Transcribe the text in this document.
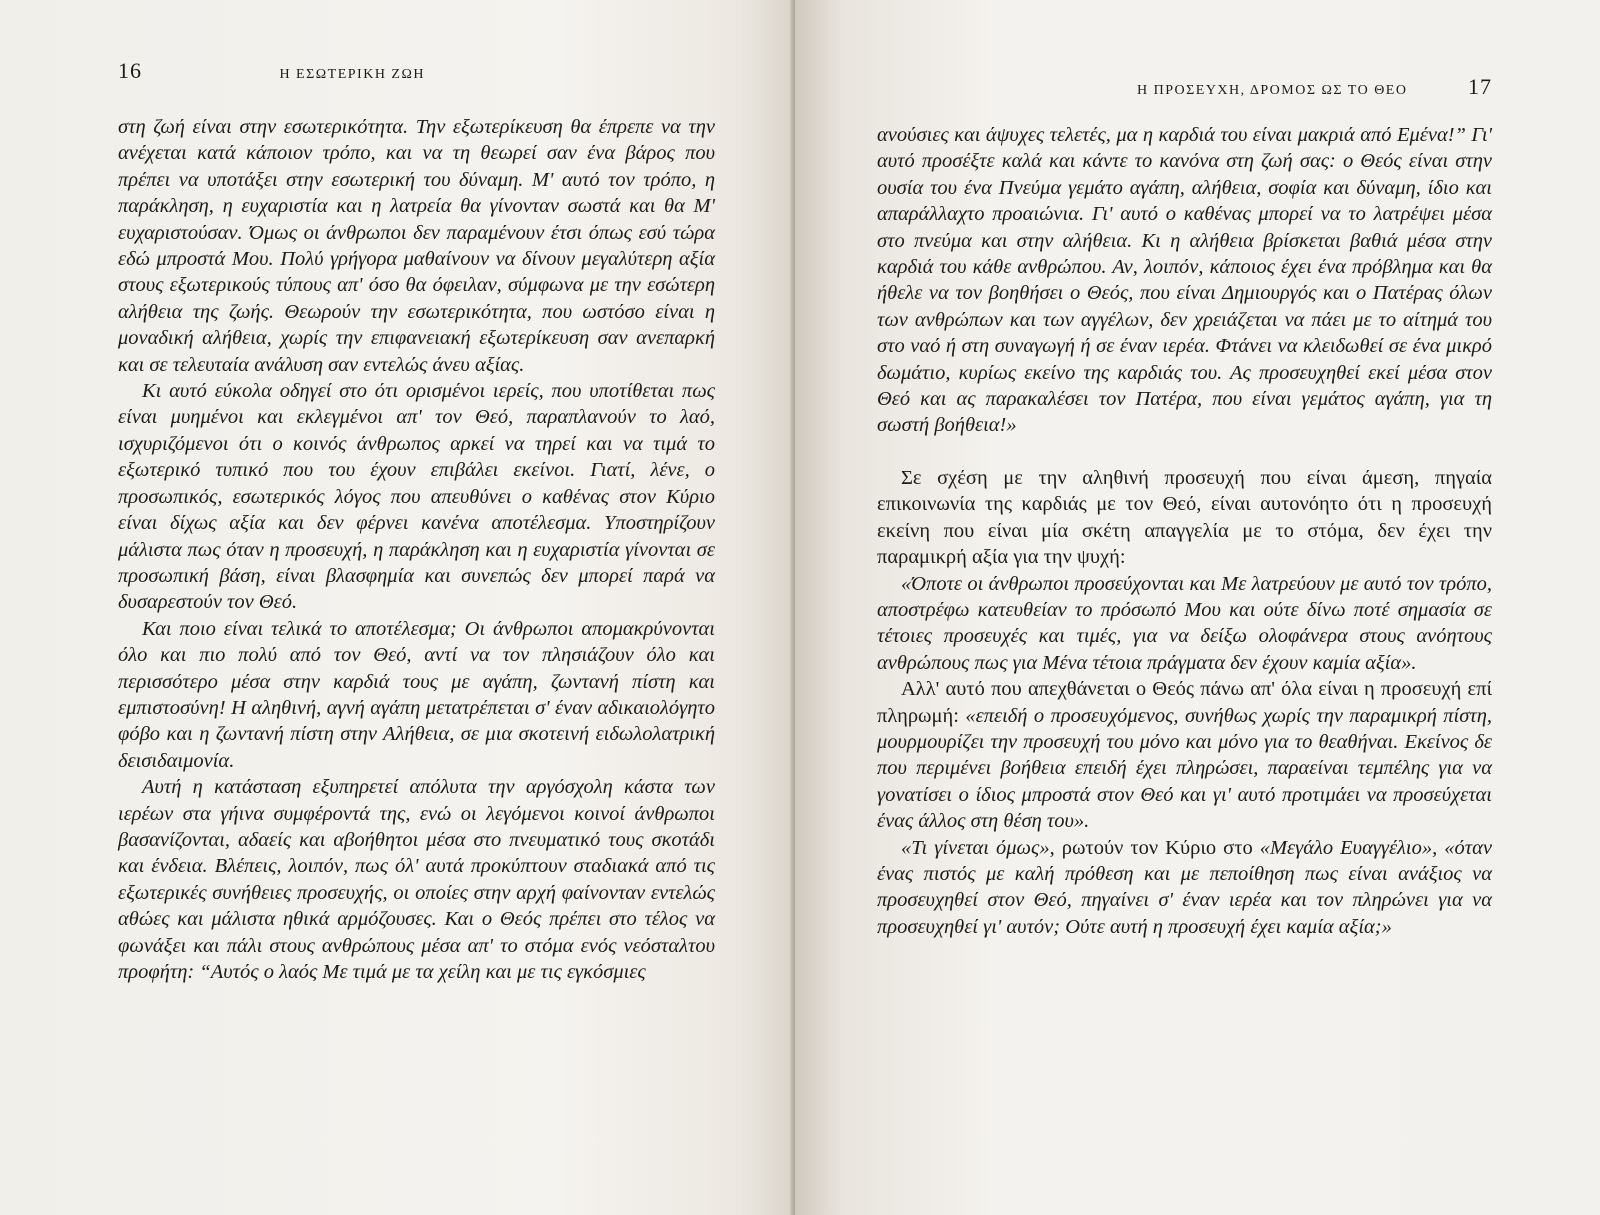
16	Η ΕΣΩΤΕΡΙΚΗ ΖΩΗ

στη ζωή είναι στην εσωτερικότητα. Την εξωτερίκευση θα έπρεπε να την ανέχεται κατά κάποιον τρόπο, και να τη θεωρεί σαν ένα βάρος που πρέπει να υποτάξει στην εσωτερική του δύναμη. Μ' αυτό τον τρόπο, η παράκληση, η ευχαριστία και η λατρεία θα γίνονταν σωστά και θα Μ' ευχαριστούσαν. Όμως οι άνθρωποι δεν παραμένουν έτσι όπως εσύ τώρα εδώ μπροστά Μου. Πολύ γρήγορα μαθαίνουν να δίνουν μεγαλύτερη αξία στους εξωτερικούς τύπους απ' όσο θα όφειλαν, σύμφωνα με την εσώτερη αλήθεια της ζωής. Θεωρούν την εσωτερικότητα, που ωστόσο είναι η μοναδική αλήθεια, χωρίς την επιφανειακή εξωτερίκευση σαν ανεπαρκή και σε τελευταία ανάλυση σαν εντελώς άνευ αξίας.

Κι αυτό εύκολα οδηγεί στο ότι ορισμένοι ιερείς, που υποτίθεται πως είναι μυημένοι και εκλεγμένοι απ' τον Θεό, παραπλανούν το λαό, ισχυριζόμενοι ότι ο κοινός άνθρωπος αρκεί να τηρεί και να τιμά το εξωτερικό τυπικό που του έχουν επιβάλει εκείνοι. Γιατί, λένε, ο προσωπικός, εσωτερικός λόγος που απευθύνει ο καθένας στον Κύριο είναι δίχως αξία και δεν φέρνει κανένα αποτέλεσμα. Υποστηρίζουν μάλιστα πως όταν η προσευχή, η παράκληση και η ευχαριστία γίνονται σε προσωπική βάση, είναι βλασφημία και συνεπώς δεν μπορεί παρά να δυσαρεστούν τον Θεό.

Και ποιο είναι τελικά το αποτέλεσμα; Οι άνθρωποι απομακρύνονται όλο και πιο πολύ από τον Θεό, αντί να τον πλησιάζουν όλο και περισσότερο μέσα στην καρδιά τους με αγάπη, ζωντανή πίστη και εμπιστοσύνη! Η αληθινή, αγνή αγάπη μετατρέπεται σ' έναν αδικαιολόγητο φόβο και η ζωντανή πίστη στην Αλήθεια, σε μια σκοτεινή ειδωλολατρική δεισιδαιμονία.

Αυτή η κατάσταση εξυπηρετεί απόλυτα την αργόσχολη κάστα των ιερέων στα γήινα συμφέροντά της, ενώ οι λεγόμενοι κοινοί άνθρωποι βασανίζονται, αδαείς και αβοήθητοι μέσα στο πνευματικό τους σκοτάδι και ένδεια. Βλέπεις, λοιπόν, πως όλ' αυτά προκύπτουν σταδιακά από τις εξωτερικές συνήθειες προσευχής, οι οποίες στην αρχή φαίνονταν εντελώς αθώες και μάλιστα ηθικά αρμόζουσες. Και ο Θεός πρέπει στο τέλος να φωνάξει και πάλι στους ανθρώπους μέσα απ' το στόμα ενός νεόσταλτου προφήτη: “Αυτός ο λαός Με τιμά με τα χείλη και με τις εγκόσμιες

Η ΠΡΟΣΕΥΧΗ, ΔΡΟΜΟΣ ΩΣ ΤΟ ΘΕΟ	17

ανούσιες και άψυχες τελετές, μα η καρδιά του είναι μακριά από Εμένα!” Γι' αυτό προσέξτε καλά και κάντε το κανόνα στη ζωή σας: ο Θεός είναι στην ουσία του ένα Πνεύμα γεμάτο αγάπη, αλήθεια, σοφία και δύναμη, ίδιο και απαράλλαχτο προαιώνια. Γι' αυτό ο καθένας μπορεί να το λατρέψει μέσα στο πνεύμα και στην αλήθεια. Κι η αλήθεια βρίσκεται βαθιά μέσα στην καρδιά του κάθε ανθρώπου. Αν, λοιπόν, κάποιος έχει ένα πρόβλημα και θα ήθελε να τον βοηθήσει ο Θεός, που είναι Δημιουργός και ο Πατέρας όλων των ανθρώπων και των αγγέλων, δεν χρειάζεται να πάει με το αίτημά του στο ναό ή στη συναγωγή ή σε έναν ιερέα. Φτάνει να κλειδωθεί σε ένα μικρό δωμάτιο, κυρίως εκείνο της καρδιάς του. Ας προσευχηθεί εκεί μέσα στον Θεό και ας παρακαλέσει τον Πατέρα, που είναι γεμάτος αγάπη, για τη σωστή βοήθεια!»

Σε σχέση με την αληθινή προσευχή που είναι άμεση, πηγαία επικοινωνία της καρδιάς με τον Θεό, είναι αυτονόητο ότι η προσευχή εκείνη που είναι μία σκέτη απαγγελία με το στόμα, δεν έχει την παραμικρή αξία για την ψυχή:

«Όποτε οι άνθρωποι προσεύχονται και Με λατρεύουν με αυτό τον τρόπο, αποστρέφω κατευθείαν το πρόσωπό Μου και ούτε δίνω ποτέ σημασία σε τέτοιες προσευχές και τιμές, για να δείξω ολοφάνερα στους ανόητους ανθρώπους πως για Μένα τέτοια πράγματα δεν έχουν καμία αξία».

Αλλ' αυτό που απεχθάνεται ο Θεός πάνω απ' όλα είναι η προσευχή επί πληρωμή: «επειδή ο προσευχόμενος, συνήθως χωρίς την παραμικρή πίστη, μουρμουρίζει την προσευχή του μόνο και μόνο για το θεαθήναι. Εκείνος δε που περιμένει βοήθεια επειδή έχει πληρώσει, παραείναι τεμπέλης για να γονατίσει ο ίδιος μπροστά στον Θεό και γι' αυτό προτιμάει να προσεύχεται ένας άλλος στη θέση του».

«Τι γίνεται όμως», ρωτούν τον Κύριο στο «Μεγάλο Ευαγγέλιο», «όταν ένας πιστός με καλή πρόθεση και με πεποίθηση πως είναι ανάξιος να προσευχηθεί στον Θεό, πηγαίνει σ' έναν ιερέα και τον πληρώνει για να προσευχηθεί γι' αυτόν; Ούτε αυτή η προσευχή έχει καμία αξία;»
